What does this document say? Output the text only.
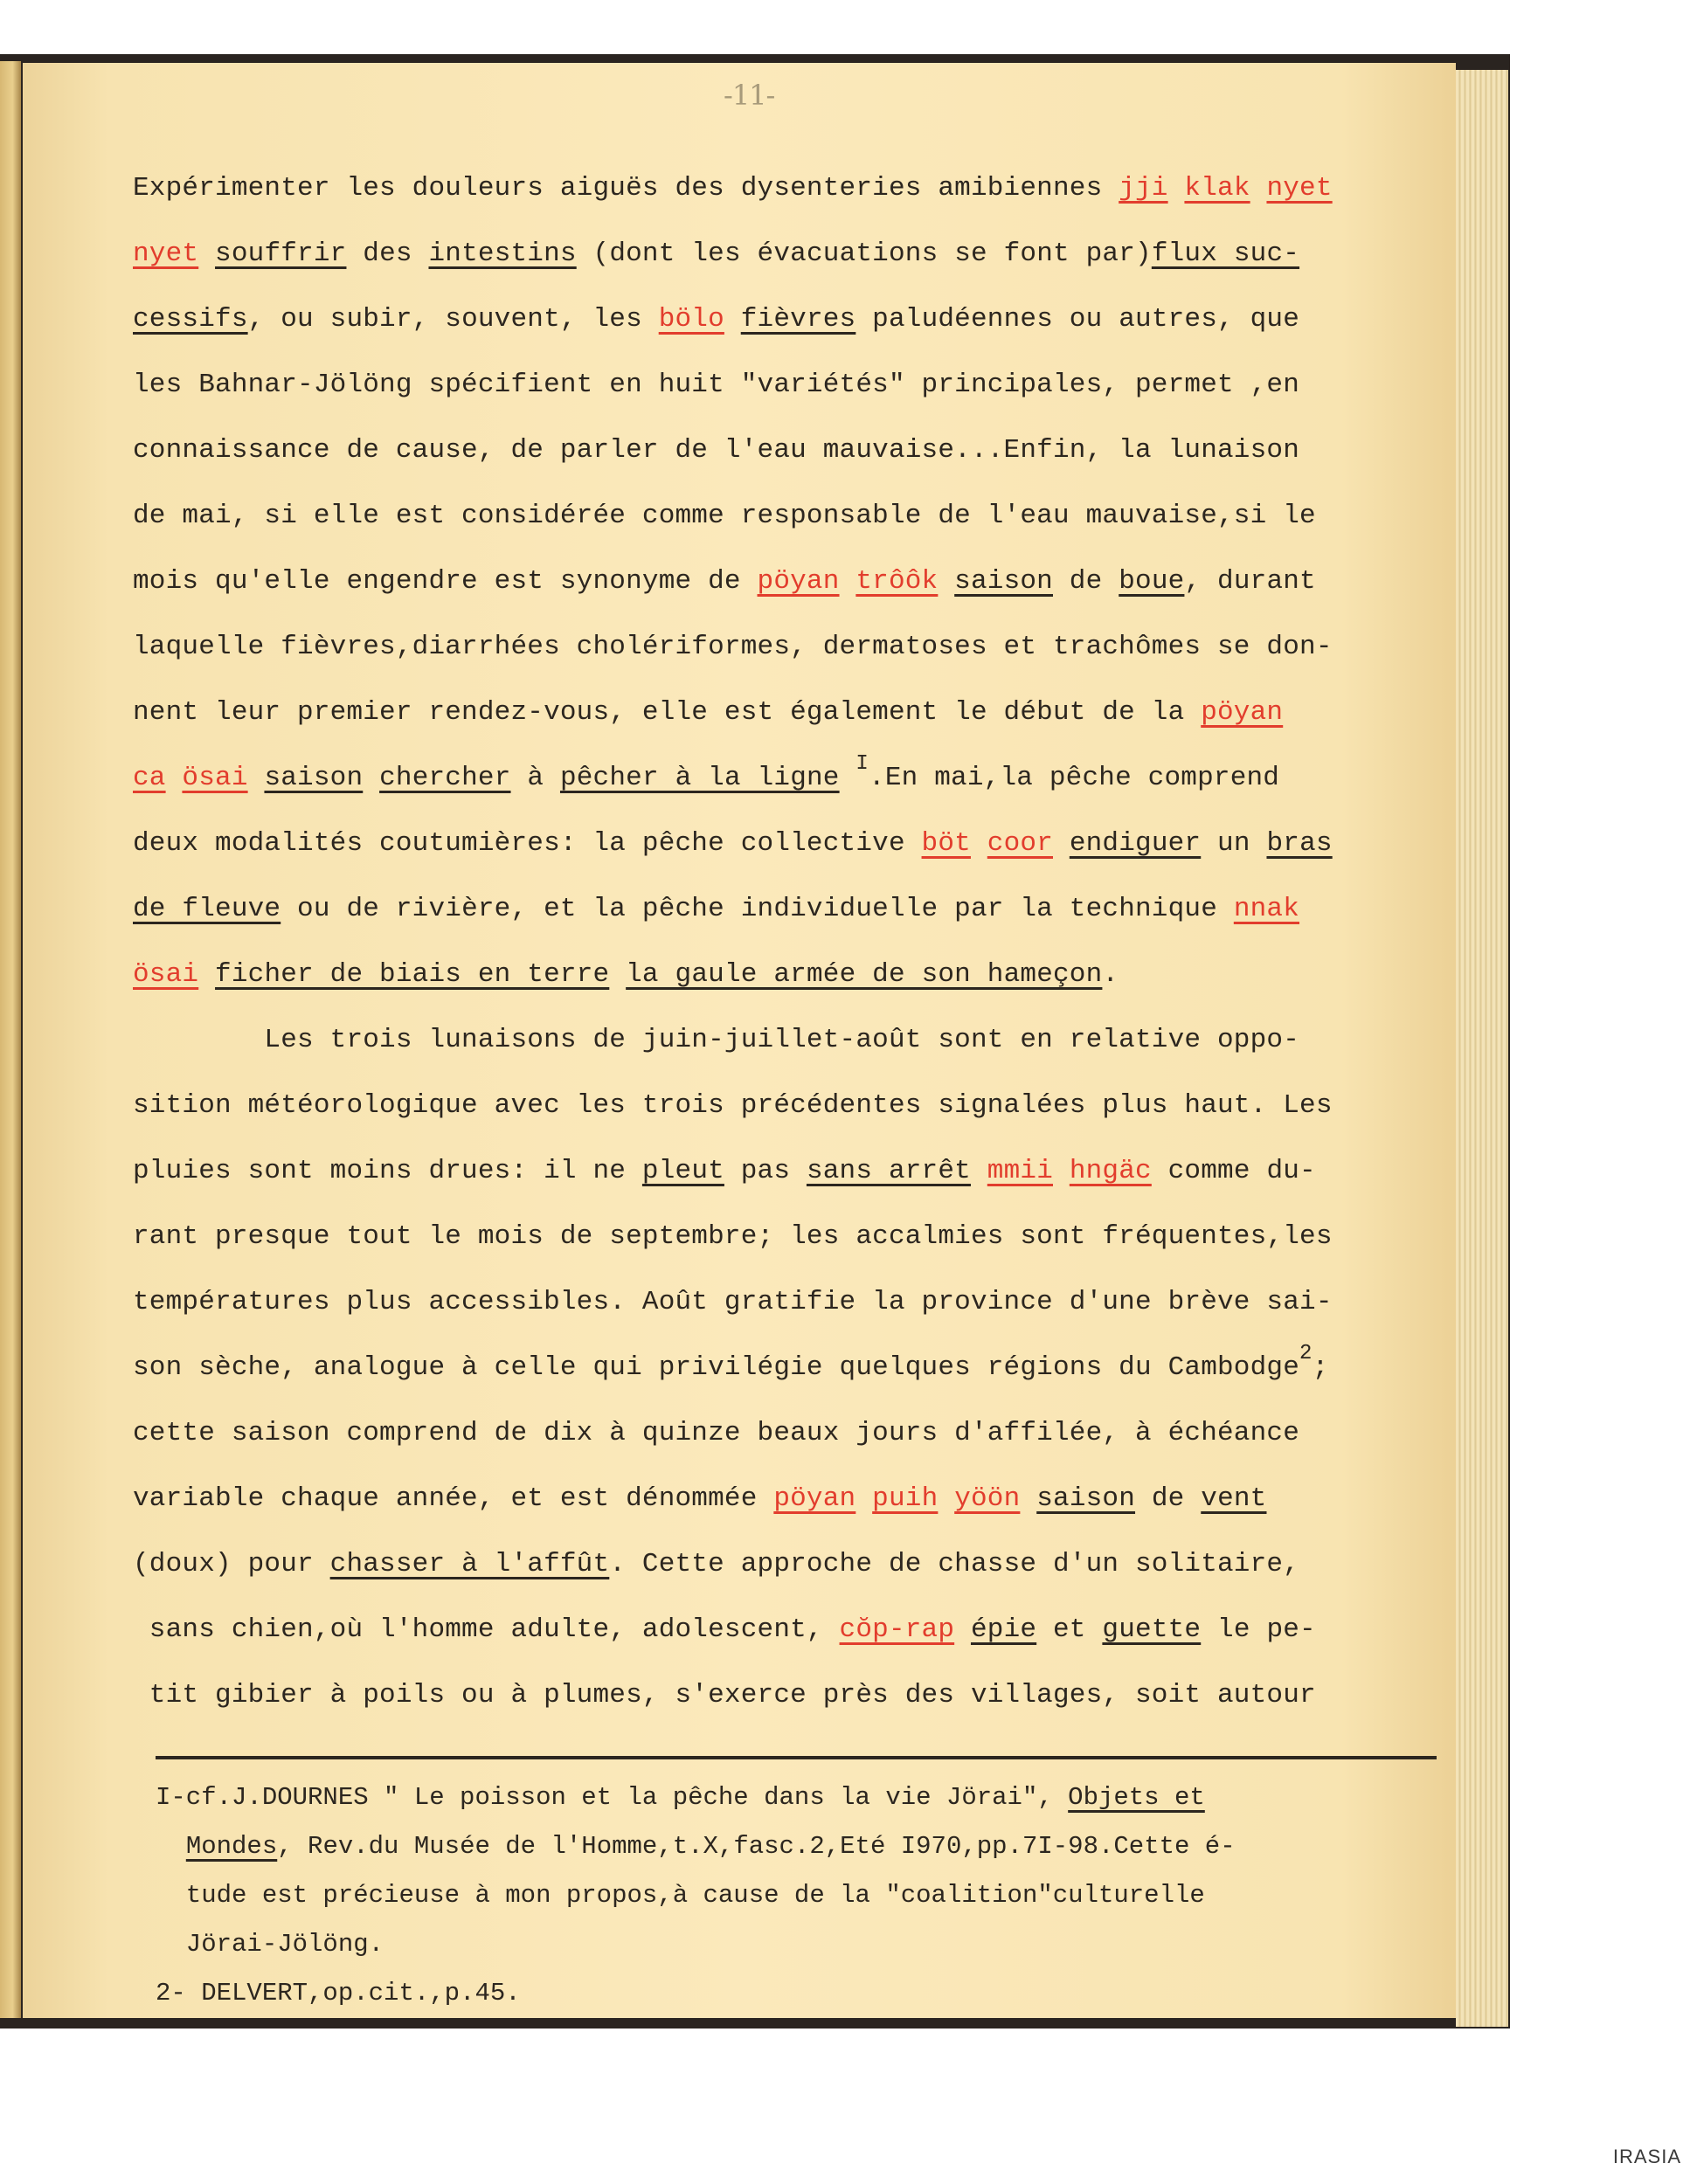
-11-
Expérimenter les douleurs aiguës des dysenteries amibiennes jji klak nyet
nyet souffrir des intestins (dont les évacuations se font par)flux suc-
cessifs, ou subir, souvent, les bölo fièvres paludéennes ou autres, que
les Bahnar-Jölöng spécifient en huit "variétés" principales, permet ,en
connaissance de cause, de parler de l'eau mauvaise...Enfin, la lunaison
de mai, si elle est considérée comme responsable de l'eau mauvaise,si le
mois qu'elle engendre est synonyme de pöyan trôôk saison de boue, durant
laquelle fièvres,diarrhées cholériformes, dermatoses et trachômes se don-
nent leur premier rendez-vous, elle est également le début de la pöyan
ca ösai saison chercher à pêcher à la ligne $^I$.En mai,la pêche comprend
deux modalités coutumières: la pêche collective böt coor endiguer un bras
de fleuve ou de rivière, et la pêche individuelle par la technique nnak
ösai ficher de biais en terre la gaule armée de son hameçon.
Les trois lunaisons de juin-juillet-août sont en relative oppo-
sition météorologique avec les trois précédentes signalées plus haut. Les
pluies sont moins drues: il ne pleut pas sans arrêt mmii hngäc comme du-
rant presque tout le mois de septembre; les accalmies sont fréquentes,les
températures plus accessibles. Août gratifie la province d'une brève sai-
son sèche, analogue à celle qui privilégie quelques régions du Cambodge$^2$;
cette saison comprend de dix à quinze beaux jours d'affilée, à échéance
variable chaque année, et est dénommée pöyan puih yöön saison de vent
(doux) pour chasser à l'affût. Cette approche de chasse d'un solitaire,
sans chien,où l'homme adulte, adolescent, cŏp-rap épie et guette le pe-
tit gibier à poils ou à plumes, s'exerce près des villages, soit autour
I-cf.J.DOURNES " Le poisson et la pêche dans la vie Jörai", Objets et
Mondes, Rev.du Musée de l'Homme,t.X,fasc.2,Eté I970,pp.7I-98.Cette é-
tude est précieuse à mon propos,à cause de la "coalition"culturelle
Jörai-Jölöng.
2- DELVERT,op.cit.,p.45.
IRASIA
